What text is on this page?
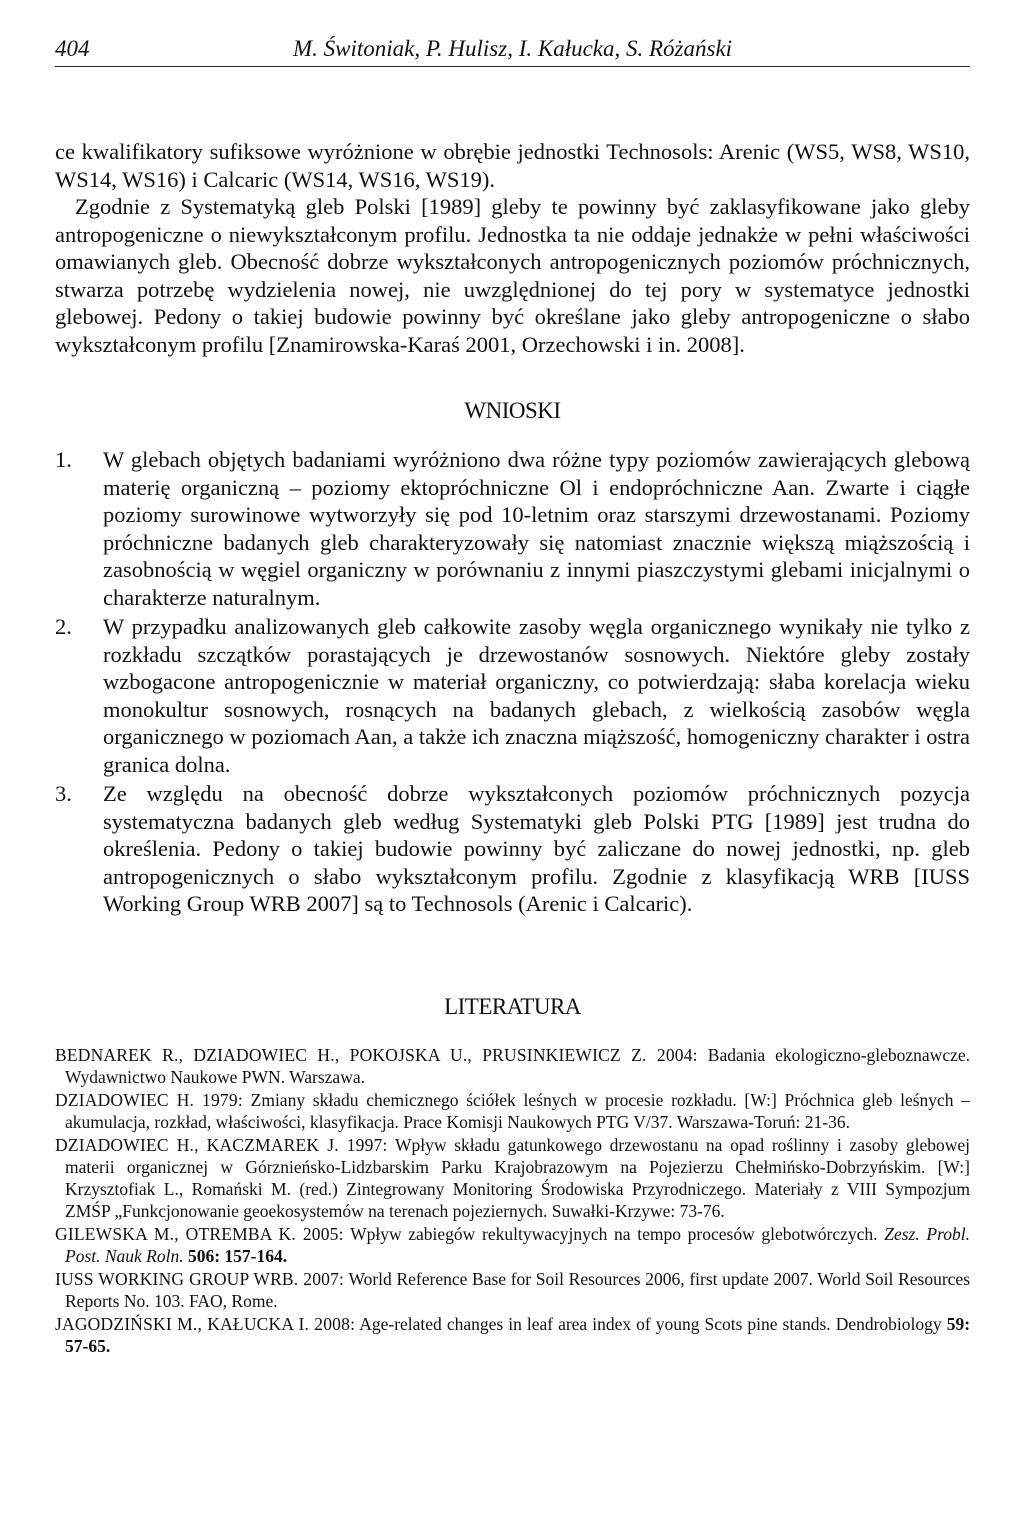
404	M. Świtoniak, P. Hulisz, I. Kałucka, S. Różański

ce kwalifikatory sufiksowe wyróżnione w obrębie jednostki Technosols: Arenic (WS5, WS8, WS10, WS14, WS16) i Calcaric (WS14, WS16, WS19).

Zgodnie z Systematyką gleb Polski [1989] gleby te powinny być zaklasyfikowane jako gleby antropogeniczne o niewykształconym profilu. Jednostka ta nie oddaje jednakże w pełni właściwości omawianych gleb. Obecność dobrze wykształconych antropogenicznych poziomów próchnicznych, stwarza potrzebę wydzielenia nowej, nie uwzględnionej do tej pory w systematyce jednostki glebowej. Pedony o takiej budowie powinny być określane jako gleby antropogeniczne o słabo wykształconym profilu [Znamirowska-Karaś 2001, Orzechowski i in. 2008].

WNIOSKI
1. W glebach objętych badaniami wyróżniono dwa różne typy poziomów zawierających glebową materię organiczną – poziomy ektopróchniczne Ol i endopróchniczne Aan. Zwarte i ciągłe poziomy surowinowe wytworzyły się pod 10-letnim oraz starszymi drzewostanami. Poziomy próchniczne badanych gleb charakteryzowały się natomiast znacznie większą miąższością i zasobnością w węgiel organiczny w porównaniu z innymi piaszczystymi glebami inicjalnymi o charakterze naturalnym.
2. W przypadku analizowanych gleb całkowite zasoby węgla organicznego wynikały nie tylko z rozkładu szczątków porastających je drzewostanów sosnowych. Niektóre gleby zostały wzbogacone antropogenicznie w materiał organiczny, co potwierdzają: słaba korelacja wieku monokultur sosnowych, rosnących na badanych glebach, z wielkością zasobów węgla organicznego w poziomach Aan, a także ich znaczna miąższość, homogeniczny charakter i ostra granica dolna.
3. Ze względu na obecność dobrze wykształconych poziomów próchnicznych pozycja systematyczna badanych gleb według Systematyki gleb Polski PTG [1989] jest trudna do określenia. Pedony o takiej budowie powinny być zaliczane do nowej jednostki, np. gleb antropogenicznych o słabo wykształconym profilu. Zgodnie z klasyfikacją WRB [IUSS Working Group WRB 2007] są to Technosols (Arenic i Calcaric).
LITERATURA

BEDNAREK R., DZIADOWIEC H., POKOJSKA U., PRUSINKIEWICZ Z. 2004: Badania ekologiczno-gleboznawcze. Wydawnictwo Naukowe PWN. Warszawa.

DZIADOWIEC H. 1979: Zmiany składu chemicznego ściółek leśnych w procesie rozkładu. [W:] Próchnica gleb leśnych – akumulacja, rozkład, właściwości, klasyfikacja. Prace Komisji Naukowych PTG V/37. Warszawa-Toruń: 21-36.

DZIADOWIEC H., KACZMAREK J. 1997: Wpływ składu gatunkowego drzewostanu na opad roślinny i zasoby glebowej materii organicznej w Górznieńsko-Lidzbarskim Parku Krajobrazowym na Pojezierzu Chełmińsko-Dobrzyńskim. [W:] Krzysztofiak L., Romański M. (red.) Zintegrowany Monitoring Środowiska Przyrodniczego. Materiały z VIII Sympozjum ZMŚP „Funkcjonowanie geoekosystemów na terenach pojeziernych. Suwałki-Krzywe: 73-76.

GILEWSKA M., OTREMBA K. 2005: Wpływ zabiegów rekultywacyjnych na tempo procesów glebotwórczych. Zesz. Probl. Post. Nauk Roln. 506: 157-164.

IUSS WORKING GROUP WRB. 2007: World Reference Base for Soil Resources 2006, first update 2007. World Soil Resources Reports No. 103. FAO, Rome.

JAGODZIŃSKI M., KAŁUCKA I. 2008: Age-related changes in leaf area index of young Scots pine stands. Dendrobiology 59: 57-65.
